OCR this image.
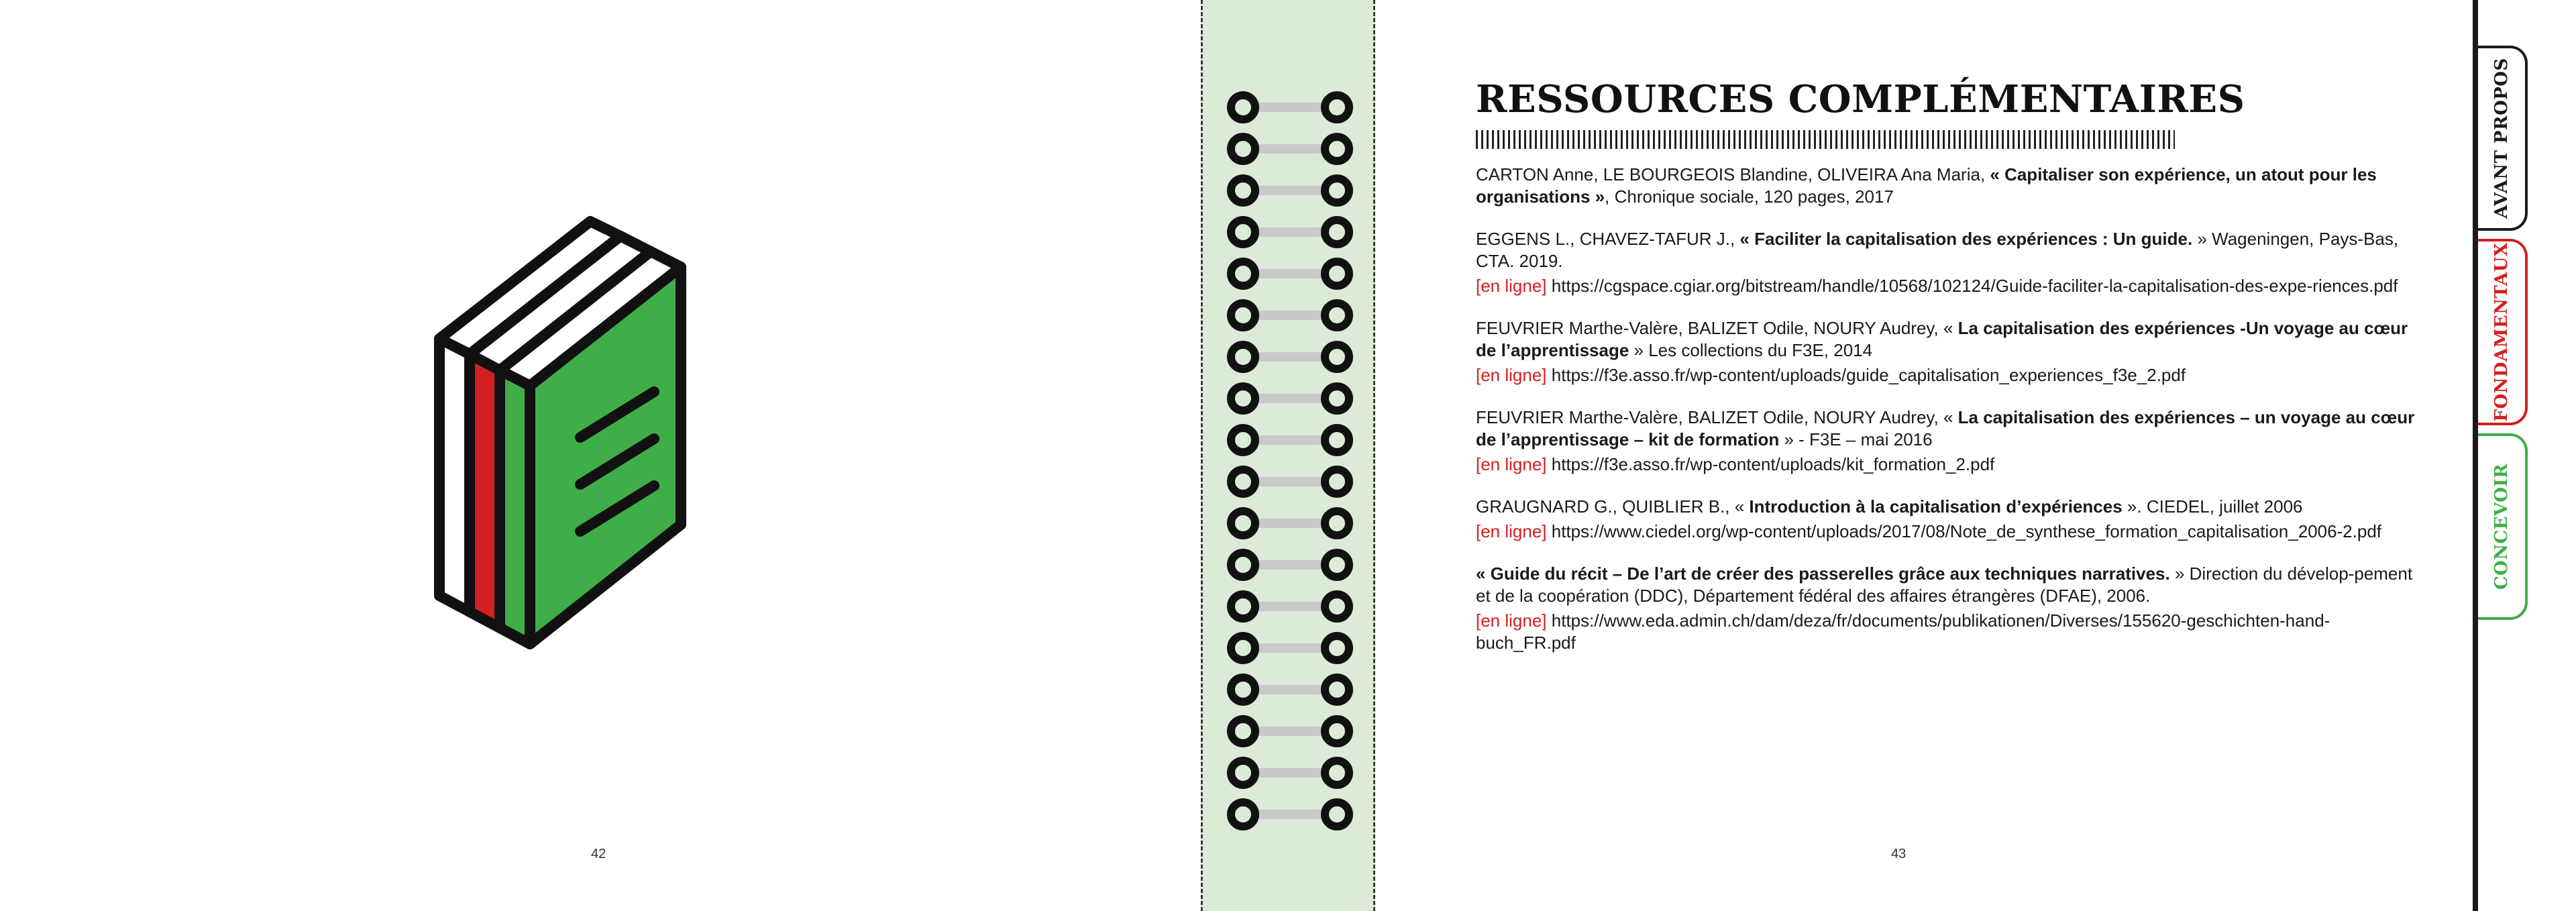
42
RESSOURCES COMPLÉMENTAIRES
CARTON Anne, LE BOURGEOIS Blandine, OLIVEIRA Ana Maria, « Capitaliser son expérience, un atout pour les organisations », Chronique sociale, 120 pages, 2017
EGGENS L., CHAVEZ-TAFUR J., « Faciliter la capitalisation des expériences : Un guide. » Wageningen, Pays-Bas, CTA. 2019.
[en ligne] https://cgspace.cgiar.org/bitstream/handle/10568/102124/Guide-faciliter-la-capitalisation-des-expe-riences.pdf
FEUVRIER Marthe-Valère, BALIZET Odile, NOURY Audrey, « La capitalisation des expériences -Un voyage au cœur de l’apprentissage » Les collections du F3E, 2014
[en ligne] https://f3e.asso.fr/wp-content/uploads/guide_capitalisation_experiences_f3e_2.pdf
FEUVRIER Marthe-Valère, BALIZET Odile, NOURY Audrey, « La capitalisation des expériences – un voyage au cœur de l’apprentissage – kit de formation » - F3E – mai 2016
[en ligne] https://f3e.asso.fr/wp-content/uploads/kit_formation_2.pdf
GRAUGNARD G., QUIBLIER B., « Introduction à la capitalisation d’expériences ». CIEDEL, juillet 2006
[en ligne] https://www.ciedel.org/wp-content/uploads/2017/08/Note_de_synthese_formation_capitalisation_2006-2.pdf
« Guide du récit – De l’art de créer des passerelles grâce aux techniques narratives. » Direction du dévelop-pement et de la coopération (DDC), Département fédéral des affaires étrangères (DFAE), 2006.
[en ligne] https://www.eda.admin.ch/dam/deza/fr/documents/publikationen/Diverses/155620-geschichten-hand-buch_FR.pdf
43
AVANT PROPOS
FONDAMENTAUX
CONCEVOIR
